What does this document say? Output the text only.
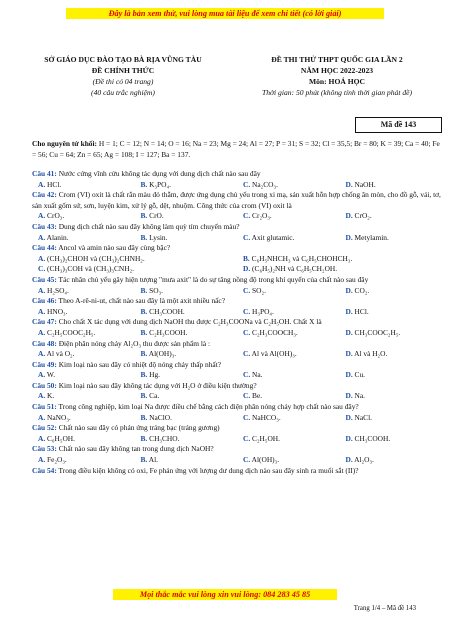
Đây là bản xem thử, vui lòng mua tài liệu để xem chi tiết (có lời giải)
SỞ GIÁO DỤC ĐÀO TẠO BÀ RỊA VŨNG TÀU
ĐỀ CHÍNH THỨC
(Đề thi có 04 trang)
(40 câu trắc nghiệm)
ĐỀ THI THỬ THPT QUỐC GIA LẦN 2
NĂM HỌC 2022-2023
Môn: HOÁ HỌC
Thời gian: 50 phút (không tính thời gian phát đề)
Mã đề 143
Cho nguyên tử khối: H = 1; C = 12; N = 14; O = 16; Na = 23; Mg = 24; Al = 27; P = 31; S = 32; Cl = 35,5; Br = 80; K = 39; Ca = 40; Fe = 56; Cu = 64; Zn = 65; Ag = 108; I = 127; Ba = 137.

Câu 41: Nước cứng vĩnh cửu không tác dụng với dung dịch chất nào sau đây

A. HCl.	B. K₃PO₄.	C. Na₂CO₃.	D. NaOH.

Câu 42: Crom (VI) oxit là chất rắn màu đỏ thẫm, được ứng dụng chủ yếu trong xi mạ, sản xuất hỗn hợp chống ăn mòn, cho đồ gỗ, vải, tơ, sản xuất gốm sứ, sơn, luyện kim, xử lý gỗ, dệt, nhuộm. Công thức của crom (VI) oxit là

A. CrO₃.	B. CrO.	C. Cr₂O₃.	D. CrO₂.

Câu 43: Dung dịch chất nào sau đây không làm quỳ tím chuyển màu?

A. Alanin.	B. Lysin.	C. Axit glutamic.	D. Metylamin.

Câu 44: Ancol và amin nào sau đây cùng bậc?

A. (CH₃)₂CHOH và (CH₃)₂CHNH₂.	B. C₆H₅NHCH₃ và C₆H₅CHOHCH₃.
C. (CH₃)₃COH và (CH₃)₃CNH₂.	D. (C₆H₅)₂NH và C₆H₅CH₂OH.

Câu 45: Tác nhân chủ yếu gây hiện tượng "mưa axit" là do sự tăng nồng độ trong khí quyển của chất nào sau đây

A. H₂SO₄.	B. SO₃.	C. SO₂.	D. CO₂.

Câu 46: Theo A-rê-ni-ut, chất nào sau đây là một axit nhiều nấc?

A. HNO₃.	B. CH₃COOH.	C. H₃PO₄.	D. HCl.

Câu 47: Cho chất X tác dụng với dung dịch NaOH thu được C₂H₃COONa và C₂H₅OH. Chất X là

A. C₂H₅COOC₂H₅.	B. C₂H₃COOH.	C. C₂H₃COOCH₃.	D. CH₃COOC₂H₅.

Câu 48: Điện phân nóng chảy Al₂O₃ thu được sản phẩm là :

A. Al và O₂.	B. Al(OH)₃.	C. Al và Al(OH)₃.	D. Al và H₂O.

Câu 49: Kim loại nào sau đây có nhiệt độ nóng chảy thấp nhất?

A. W.	B. Hg.	C. Na.	D. Cu.

Câu 50: Kim loại nào sau đây không tác dụng với H₂O ở điều kiện thường?

A. K.	B. Ca.	C. Be.	D. Na.

Câu 51: Trong công nghiệp, kim loại Na được điều chế bằng cách điện phân nóng chảy hợp chất nào sau đây?

A. NaNO₃.	B. NaClO.	C. NaHCO₃.	D. NaCl.

Câu 52: Chất nào sau đây có phản ứng tráng bạc (tráng gương)

A. C₆H₅OH.	B. CH₃CHO.	C. C₂H₅OH.	D. CH₃COOH.

Câu 53: Chất nào sau đây không tan trong dung dịch NaOH?

A. Fe₂O₃.	B. Al.	C. Al(OH)₃.	D. Al₂O₃.

Câu 54: Trong điều kiện không có oxi, Fe phản ứng với lượng dư dung dịch nào sau đây sinh ra muối sắt (II)?

Mọi thắc mắc vui lòng xin vui lòng: 084 283 45 85
Trang 1/4 – Mã đề 143
